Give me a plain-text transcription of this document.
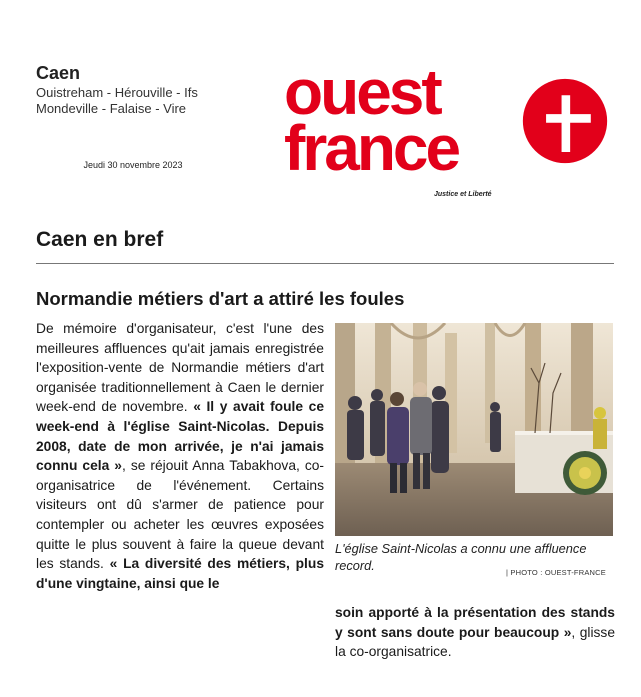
Caen
Ouistreham - Hérouville - Ifs
Mondeville - Falaise - Vire
Jeudi 30 novembre 2023
ouest
france
Justice et Liberté
Caen en bref
Normandie métiers d'art a attiré les foules
De mémoire d'organisateur, c'est l'une des meilleures affluences qu'ait jamais enregistrée l'exposition-vente de Normandie métiers d'art organisée traditionnellement à Caen le dernier week-end de novembre. « Il y avait foule ce week-end à l'église Saint-Nicolas. Depuis 2008, date de mon arrivée, je n'ai jamais connu cela », se réjouit Anna Tabakhova, co-organisatrice de l'événement. Certains visiteurs ont dû s'armer de patience pour contempler ou acheter les œuvres exposées quitte le plus souvent à faire la queue devant les stands. « La diversité des métiers, plus d'une vingtaine, ainsi que le
L'église Saint-Nicolas a connu une affluence record.	| PHOTO : OUEST-FRANCE
soin apporté à la présentation des stands y sont sans doute pour beaucoup », glisse la co-organisatrice.
